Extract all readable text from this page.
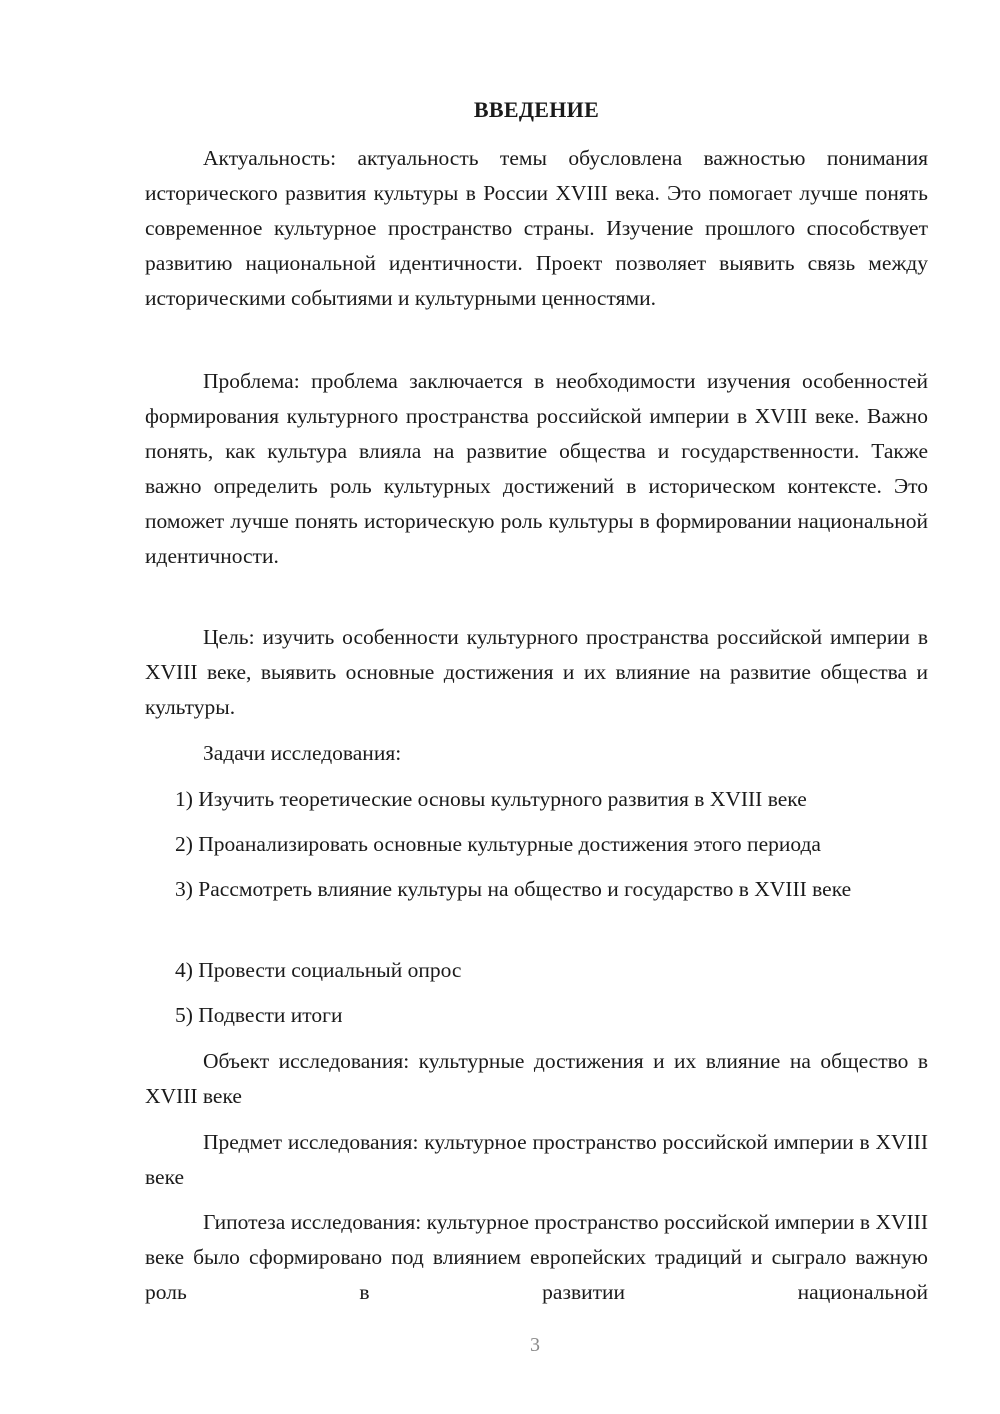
ВВЕДЕНИЕ

Актуальность: актуальность темы обусловлена важностью понимания исторического развития культуры в России XVIII века. Это помогает лучше понять современное культурное пространство страны. Изучение прошлого способствует развитию национальной идентичности. Проект позволяет выявить связь между историческими событиями и культурными ценностями.

Проблема: проблема заключается в необходимости изучения особенностей формирования культурного пространства российской империи в XVIII веке. Важно понять, как культура влияла на развитие общества и государственности. Также важно определить роль культурных достижений в историческом контексте. Это поможет лучше понять историческую роль культуры в формировании национальной идентичности.

Цель: изучить особенности культурного пространства российской империи в XVIII веке, выявить основные достижения и их влияние на развитие общества и культуры.

Задачи исследования:

1) Изучить теоретические основы культурного развития в XVIII веке

2) Проанализировать основные культурные достижения этого периода

3) Рассмотреть влияние культуры на общество и государство в XVIII веке

4) Провести социальный опрос

5) Подвести итоги

Объект исследования: культурные достижения и их влияние на общество в XVIII веке

Предмет исследования: культурное пространство российской империи в XVIII веке

Гипотеза исследования: культурное пространство российской империи в XVIII веке было сформировано под влиянием европейских традиций и сыграло важную роль в развитии национальной

3
